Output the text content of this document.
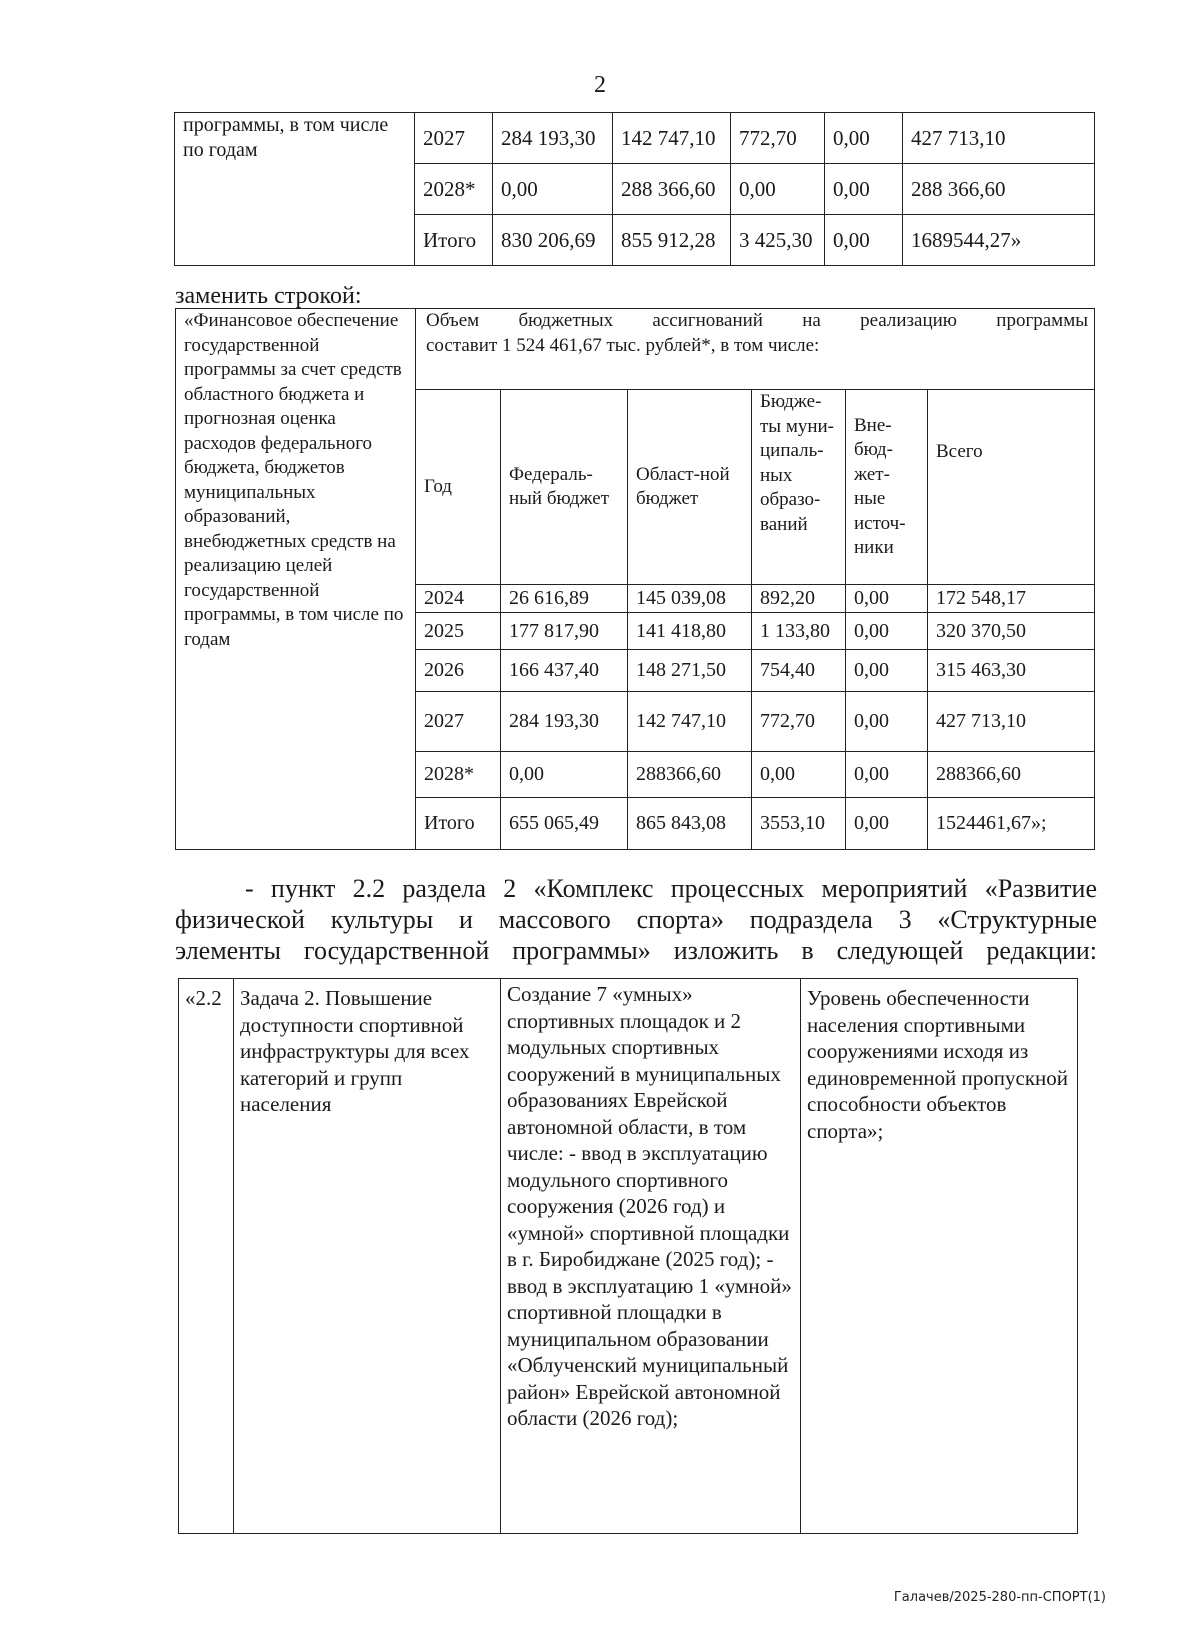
2
программы, в том числе по годам	2027	284 193,30	142 747,10	772,70	0,00	427 713,10
	2028*	0,00	288 366,60	0,00	0,00	288 366,60
	Итого	830 206,69	855 912,28	3 425,30	0,00	1689544,27»
заменить строкой:
«Финансовое обеспечение государственной программы за счет средств областного бюджета и прогнозная оценка расходов федерального бюджета, бюджетов муниципальных образований, внебюджетных средств на реализацию целей государственной программы, в том числе по годам	Объем бюджетных ассигнований на реализацию программы
составит 1 524 461,67 тыс. рублей*, в том числе:					

	Год	Федераль-ный бюджет	Област-ной бюджет	Бюдже-ты муни-ципаль-ных образо-ваний	Вне-бюд-жет-ные источ-ники	Всего
	2024	26 616,89	145 039,08	892,20	0,00	172 548,17
	2025	177 817,90	141 418,80	1 133,80	0,00	320 370,50
	2026	166 437,40	148 271,50	754,40	0,00	315 463,30
	2027	284 193,30	142 747,10	772,70	0,00	427 713,10
	2028*	0,00	288366,60	0,00	0,00	288366,60
	Итого	655 065,49	865 843,08	3553,10	0,00	1524461,67»;
- пункт 2.2 раздела 2 «Комплекс процессных мероприятий «Развитие
физической культуры и массового спорта» подраздела 3 «Структурные
элементы государственной программы» изложить в следующей редакции:
«2.2	Задача 2. Повышение доступности спортивной инфраструктуры для всех категорий и групп населения	Создание 7 «умных» спортивных площадок и 2 модульных спортивных сооружений в муниципальных образованиях Еврейской автономной области, в том числе: - ввод в эксплуатацию модульного спортивного сооружения (2026 год) и «умной» спортивной площадки в г. Биробиджане (2025 год); - ввод в эксплуатацию 1 «умной» спортивной площадки в муниципальном образовании «Облученский муниципальный район» Еврейской автономной области (2026 год);	Уровень обеспеченности населения спортивными сооружениями исходя из единовременной пропускной способности объектов спорта»;
Галачев/2025-280-пп-СПОРТ(1)
